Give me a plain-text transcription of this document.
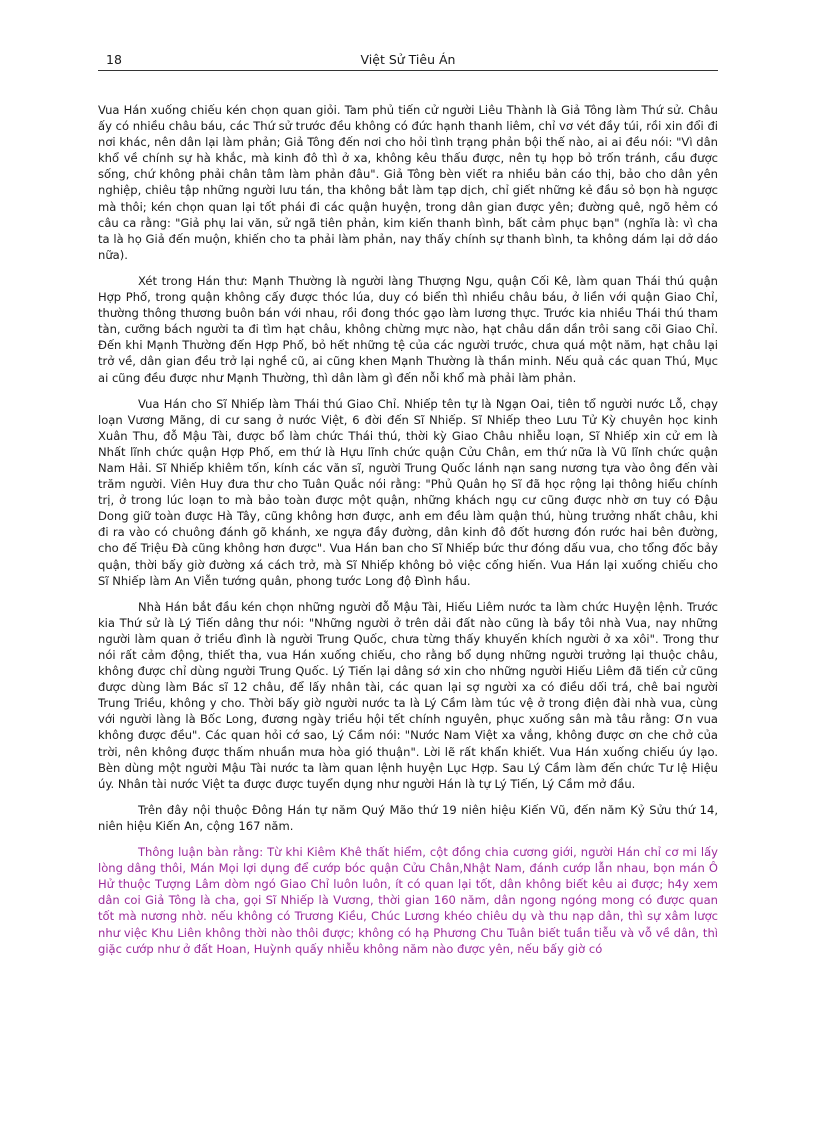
18	Việt Sử Tiêu Án

Vua Hán xuống chiếu kén chọn quan giỏi. Tam phủ tiến cử người Liêu Thành là Giả Tông làm Thứ sử. Châu ấy có nhiều châu báu, các Thứ sử trước đều không có đức hạnh thanh liêm, chỉ vơ vét đầy túi, rồi xin đổi đi nơi khác, nên dân lại làm phản; Giả Tông đến nơi cho hỏi tình trạng phản bội thế nào, ai ai đều nói: "Vì dân khổ về chính sự hà khắc, mà kinh đô thì ở xa, không kêu thấu được, nên tụ họp bỏ trốn tránh, cầu được sống, chứ không phải chân tâm làm phản đâu". Giả Tông bèn viết ra nhiều bản cáo thị, bảo cho dân yên nghiệp, chiêu tập những người lưu tán, tha không bắt làm tạp dịch, chỉ giết những kẻ đầu sỏ bọn hà ngược mà thôi; kén chọn quan lại tốt phái đi các quận huyện, trong dân gian được yên; đường quê, ngõ hẻm có câu ca rằng: "Giả phụ lai văn, sử ngã tiên phản, kim kiến thanh bình, bất cảm phục bạn" (nghĩa là: vì cha ta là họ Giả đến muộn, khiến cho ta phải làm phản, nay thấy chính sự thanh bình, ta không dám lại dở dáo nữa).

Xét trong Hán thư: Mạnh Thường là người làng Thượng Ngu, quận Cối Kê, làm quan Thái thú quận Hợp Phố, trong quận không cấy được thóc lúa, duy có biển thì nhiều châu báu, ở liền với quận Giao Chỉ, thường thông thương buôn bán với nhau, rồi đong thóc gạo làm lương thực. Trước kia nhiều Thái thú tham tàn, cưỡng bách người ta đi tìm hạt châu, không chừng mực nào, hạt châu dần dần trôi sang cõi Giao Chỉ. Đến khi Mạnh Thường đến Hợp Phố, bỏ hết những tệ của các người trước, chưa quá một năm, hạt châu lại trở về, dân gian đều trở lại nghề cũ, ai cũng khen Mạnh Thường là thần minh. Nếu quả các quan Thú, Mục ai cũng đều được như Mạnh Thường, thì dân làm gì đến nỗi khổ mà phải làm phản.

Vua Hán cho Sĩ Nhiếp làm Thái thú Giao Chỉ. Nhiếp tên tự là Ngạn Oai, tiên tổ người nước Lỗ, chạy loạn Vương Mãng, di cư sang ở nước Việt, 6 đời đến Sĩ Nhiếp. Sĩ Nhiếp theo Lưu Tử Kỳ chuyên học kinh Xuân Thu, đỗ Mậu Tài, được bổ làm chức Thái thú, thời kỳ Giao Châu nhiễu loạn, Sĩ Nhiếp xin cử em là Nhất lĩnh chức quận Hợp Phố, em thứ là Hựu lĩnh chức quận Cửu Chân, em thứ nữa là Vũ lĩnh chức quận Nam Hải. Sĩ Nhiếp khiêm tốn, kính các văn sĩ, người Trung Quốc lánh nạn sang nương tựa vào ông đến vài trăm người. Viên Huy đưa thư cho Tuân Quắc nói rằng: "Phủ Quân họ Sĩ đã học rộng lại thông hiểu chính trị, ở trong lúc loạn to mà bảo toàn được một quận, những khách ngụ cư cũng được nhờ ơn tuy có Đậu Dong giữ toàn được Hà Tây, cũng không hơn được, anh em đều làm quận thú, hùng trưởng nhất châu, khi đi ra vào có chuông đánh gõ khánh, xe ngựa đầy đường, dân kinh đô đốt hương đón rước hai bên đường, cho đế Triệu Đà cũng không hơn được". Vua Hán ban cho Sĩ Nhiếp bức thư đóng dấu vua, cho tổng đốc bảy quận, thời bấy giờ đường xá cách trở, mà Sĩ Nhiếp không bỏ việc cống hiến. Vua Hán lại xuống chiếu cho Sĩ Nhiếp làm An Viễn tướng quân, phong tước Long độ Đình hầu.

Nhà Hán bắt đầu kén chọn những người đỗ Mậu Tài, Hiếu Liêm nước ta làm chức Huyện lệnh. Trước kia Thứ sử là Lý Tiến dâng thư nói: "Những người ở trên dải đất nào cũng là bầy tôi nhà Vua, nay những người làm quan ở triều đình là người Trung Quốc, chưa từng thấy khuyến khích người ở xa xôi". Trong thư nói rất cảm động, thiết tha, vua Hán xuống chiếu, cho rằng bổ dụng những người trưởng lại thuộc châu, không được chỉ dùng người Trung Quốc. Lý Tiến lại dâng sớ xin cho những người Hiếu Liêm đã tiến cử cũng được dùng làm Bác sĩ 12 châu, để lấy nhân tài, các quan lại sợ người xa có điều dối trá, chê bai người Trung Triều, không y cho. Thời bấy giờ người nước ta là Lý Cầm làm túc vệ ở trong điện đài nhà vua, cùng với người làng là Bốc Long, đương ngày triều hội tết chính nguyên, phục xuống sân mà tâu rằng: Ơn vua không được đều". Các quan hỏi cớ sao, Lý Cầm nói: "Nước Nam Việt xa vắng, không được ơn che chở của trời, nên không được thấm nhuần mưa hòa gió thuận". Lời lẽ rất khẩn khiết. Vua Hán xuống chiếu úy lạo. Bèn dùng một người Mậu Tài nước ta làm quan lệnh huyện Lục Hợp. Sau Lý Cầm làm đến chức Tư lệ Hiệu úy. Nhân tài nước Việt ta được được tuyển dụng như người Hán là tự Lý Tiến, Lý Cầm mở đầu.

Trên đây nội thuộc Đông Hán tự năm Quý Mão thứ 19 niên hiệu Kiến Vũ, đến năm Kỷ Sửu thứ 14, niên hiệu Kiến An, cộng 167 năm.

Thông luận bàn rằng: Từ khi Kiêm Khê thất hiểm, cột đồng chia cương giới, người Hán chỉ cơ mi lấy lòng dâng thôi, Mán Mọi lợi dụng để cướp bóc quận Cửu Chân,Nhật Nam, đánh cướp lẫn nhau, bọn mán Ô Hử thuộc Tượng Lâm dòm ngó Giao Chỉ luôn luôn, ít có quan lại tốt, dân không biết kêu ai được; h4y xem dân coi Giả Tông là cha, gọi Sĩ Nhiếp là Vương, thời gian 160 năm, dân ngong ngóng mong có được quan tốt mà nương nhờ. nếu không có Trương Kiều, Chúc Lương khéo chiêu dụ và thu nạp dân, thì sự xâm lược như việc Khu Liên không thời nào thôi được; không có hạ Phương Chu Tuân biết tuần tiễu và vỗ về dân, thì giặc cướp như ở đất Hoan, Huỳnh quấy nhiễu không năm nào được yên, nếu bấy giờ có
